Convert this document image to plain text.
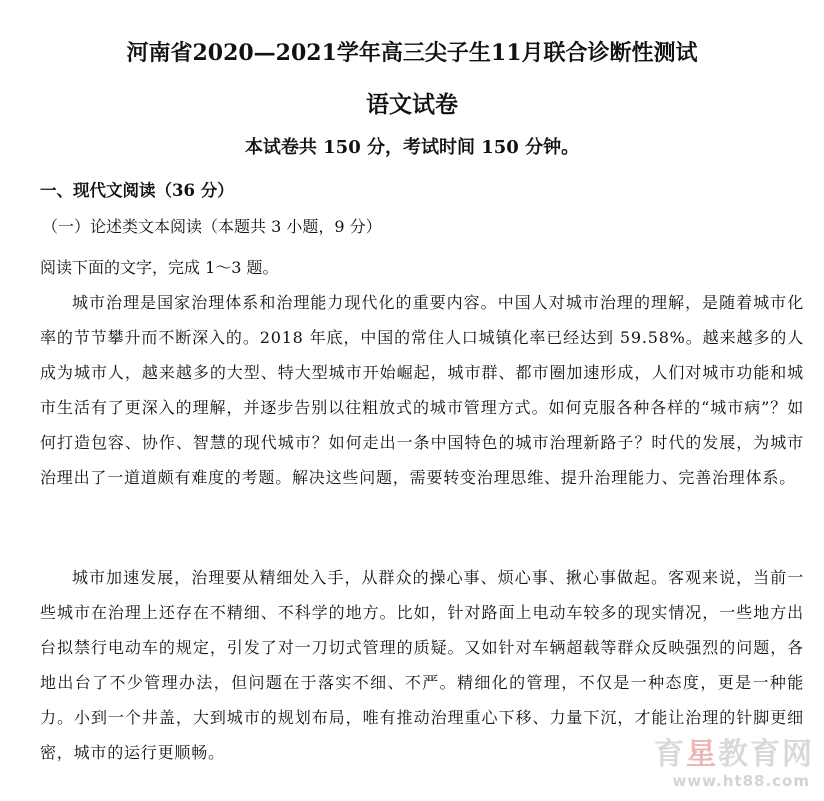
河南省2020—2021学年高三尖子生11月联合诊断性测试
语文试卷
本试卷共 150 分，考试时间 150 分钟。
一、现代文阅读（36 分）
（一）论述类文本阅读（本题共 3 小题，9 分）
阅读下面的文字，完成 1～3 题。

城市治理是国家治理体系和治理能力现代化的重要内容。中国人对城市治理的理解，是随着城市化率的节节攀升而不断深入的。2018 年底，中国的常住人口城镇化率已经达到 59.58%。越来越多的人成为城市人，越来越多的大型、特大型城市开始崛起，城市群、都市圈加速形成，人们对城市功能和城市生活有了更深入的理解，并逐步告别以往粗放式的城市管理方式。如何克服各种各样的“城市病”？如何打造包容、协作、智慧的现代城市？如何走出一条中国特色的城市治理新路子？时代的发展，为城市治理出了一道道颇有难度的考题。解决这些问题，需要转变治理思维、提升治理能力、完善治理体系。

城市加速发展，治理要从精细处入手，从群众的操心事、烦心事、揪心事做起。客观来说，当前一些城市在治理上还存在不精细、不科学的地方。比如，针对路面上电动车较多的现实情况，一些地方出台拟禁行电动车的规定，引发了对一刀切式管理的质疑。又如针对车辆超载等群众反映强烈的问题，各地出台了不少管理办法，但问题在于落实不细、不严。精细化的管理，不仅是一种态度，更是一种能力。小到一个井盖，大到城市的规划布局，唯有推动治理重心下移、力量下沉，才能让治理的针脚更细密，城市的运行更顺畅。	育星教育网
www.ht88.com
